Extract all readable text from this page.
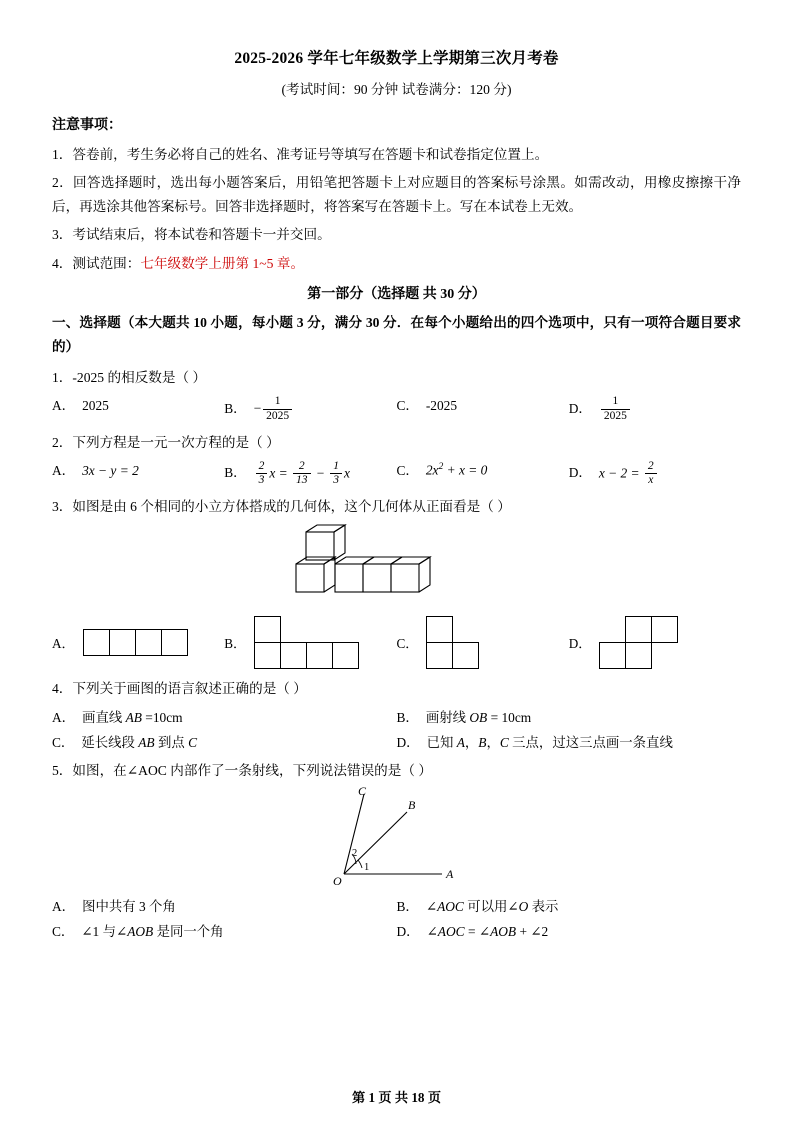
2025-2026 学年七年级数学上学期第三次月考卷
(考试时间：90 分钟 试卷满分：120 分)
注意事项：
1．答卷前，考生务必将自己的姓名、准考证号等填写在答题卡和试卷指定位置上。
2．回答选择题时，选出每小题答案后，用铅笔把答题卡上对应题目的答案标号涂黑。如需改动，用橡皮擦擦干净后，再选涂其他答案标号。回答非选择题时，将答案写在答题卡上。写在本试卷上无效。
3．考试结束后，将本试卷和答题卡一并交回。
4．测试范围：七年级数学上册第 1~5 章。
第一部分（选择题 共 30 分）
一、选择题（本大题共 10 小题，每小题 3 分，满分 30 分．在每个小题给出的四个选项中，只有一项符合题目要求的）
1．-2025 的相反数是（ ）
A． 2025	B． − $\frac{1}{2025}$	C． -2025	D． $\frac{1}{2025}$
2．下列方程是一元一次方程的是（ ）
A． 3x − y = 2	B． $\frac{2}{3}$ $x = \frac{2}{13} - \frac{1}{3}$ x	C． $2x^2 + x = 0$	D． $x - 2 = \frac{2}{x}$
3．如图是由 6 个相同的小立方体搭成的几何体，这个几何体从正面看是（ ）
A．
				B．

				C．

		D．

4．下列关于画图的语言叙述正确的是（ ）
A． 画直线 AB =10cm	B． 画射线 OB = 10cm
C． 延长线段 AB 到点 C	D． 已知 A，B，C 三点，过这三点画一条直线
5．如图，在∠AOC 内部作了一条射线，下列说法错误的是（ ）
C
B
A
O
2
1
A． 图中共有 3 个角	B． ∠AOC 可以用∠O 表示
C． ∠1 与∠AOB 是同一个角	D． ∠AOC = ∠AOB + ∠2
第 1 页 共 18 页
